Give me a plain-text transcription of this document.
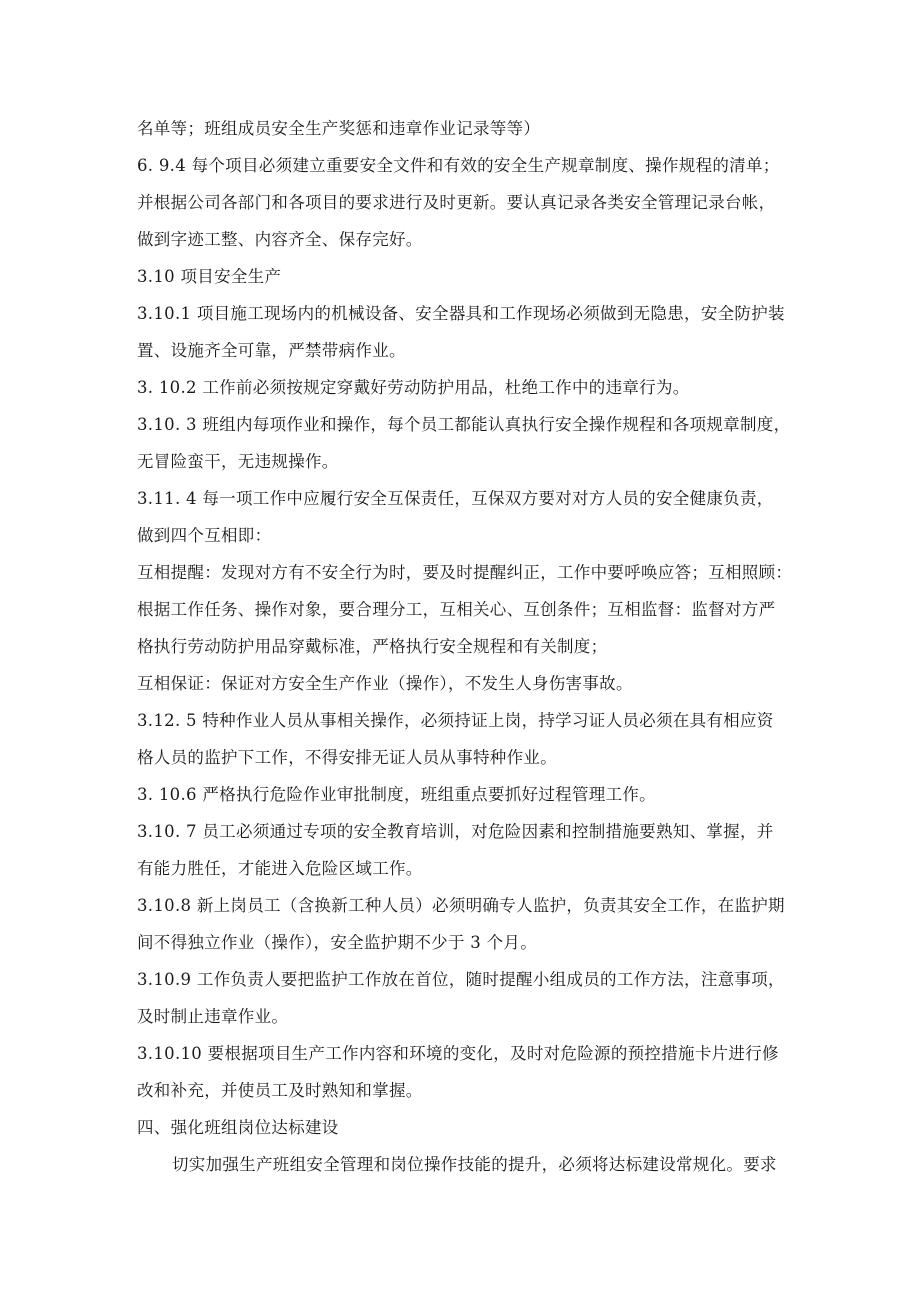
名单等；班组成员安全生产奖惩和违章作业记录等等）
6. 9.4 每个项目必须建立重要安全文件和有效的安全生产规章制度、操作规程的清单；
并根据公司各部门和各项目的要求进行及时更新。要认真记录各类安全管理记录台帐，
做到字迹工整、内容齐全、保存完好。
3.10 项目安全生产
3.10.1 项目施工现场内的机械设备、安全器具和工作现场必须做到无隐患，安全防护装
置、设施齐全可靠，严禁带病作业。
3. 10.2 工作前必须按规定穿戴好劳动防护用品，杜绝工作中的违章行为。
3.10. 3 班组内每项作业和操作，每个员工都能认真执行安全操作规程和各项规章制度，
无冒险蛮干，无违规操作。
3.11. 4 每一项工作中应履行安全互保责任，互保双方要对对方人员的安全健康负责，
做到四个互相即：
互相提醒：发现对方有不安全行为时，要及时提醒纠正，工作中要呼唤应答；互相照顾：
根据工作任务、操作对象，要合理分工，互相关心、互创条件；互相监督：监督对方严
格执行劳动防护用品穿戴标准，严格执行安全规程和有关制度；
互相保证：保证对方安全生产作业（操作），不发生人身伤害事故。
3.12. 5 特种作业人员从事相关操作，必须持证上岗，持学习证人员必须在具有相应资
格人员的监护下工作，不得安排无证人员从事特种作业。
3. 10.6 严格执行危险作业审批制度，班组重点要抓好过程管理工作。
3.10. 7 员工必须通过专项的安全教育培训，对危险因素和控制措施要熟知、掌握，并
有能力胜任，才能进入危险区域工作。
3.10.8 新上岗员工（含换新工种人员）必须明确专人监护，负责其安全工作，在监护期
间不得独立作业（操作），安全监护期不少于 3 个月。
3.10.9 工作负责人要把监护工作放在首位，随时提醒小组成员的工作方法，注意事项，
及时制止违章作业。
3.10.10 要根据项目生产工作内容和环境的变化，及时对危险源的预控措施卡片进行修
改和补充，并使员工及时熟知和掌握。
四、强化班组岗位达标建设
切实加强生产班组安全管理和岗位操作技能的提升，必须将达标建设常规化。要求
